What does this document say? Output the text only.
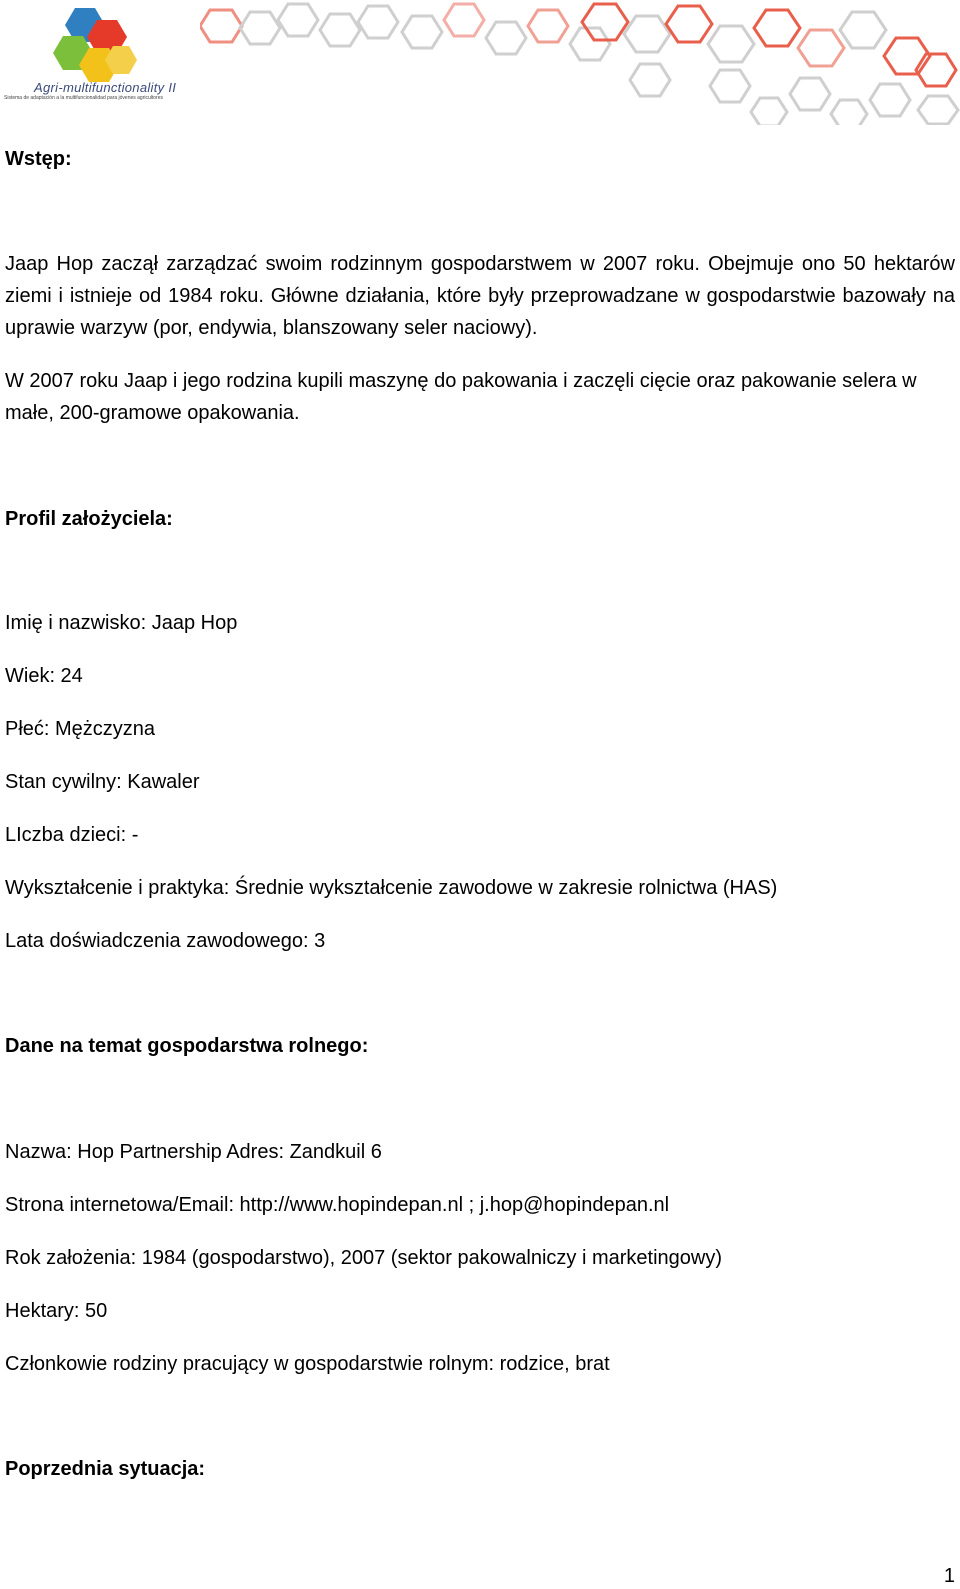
Agri-multifunctionality II
Sistema de adaptación a la multifuncionalidad para jóvenes agricultores
Wstęp:
Jaap Hop zaczął zarządzać swoim rodzinnym gospodarstwem w 2007 roku. Obejmuje ono 50 hektarów ziemi i istnieje od 1984 roku. Główne działania, które były przeprowadzane w gospodarstwie bazowały na uprawie warzyw (por, endywia, blanszowany seler naciowy).
W 2007 roku Jaap i jego rodzina kupili maszynę do pakowania i zaczęli cięcie oraz pakowanie selera w małe, 200-gramowe opakowania.
Profil założyciela:
Imię i nazwisko: Jaap Hop
Wiek: 24
Płeć: Mężczyzna
Stan cywilny: Kawaler
LIczba dzieci: -
Wykształcenie i praktyka: Średnie wykształcenie zawodowe w zakresie rolnictwa (HAS)
Lata doświadczenia zawodowego: 3
Dane na temat gospodarstwa rolnego:
Nazwa: Hop Partnership Adres: Zandkuil 6
Strona internetowa/Email: http://www.hopindepan.nl ; j.hop@hopindepan.nl
Rok założenia: 1984 (gospodarstwo), 2007 (sektor pakowalniczy i marketingowy)
Hektary: 50
Członkowie rodziny pracujący w gospodarstwie rolnym: rodzice, brat
Poprzednia sytuacja:
1
